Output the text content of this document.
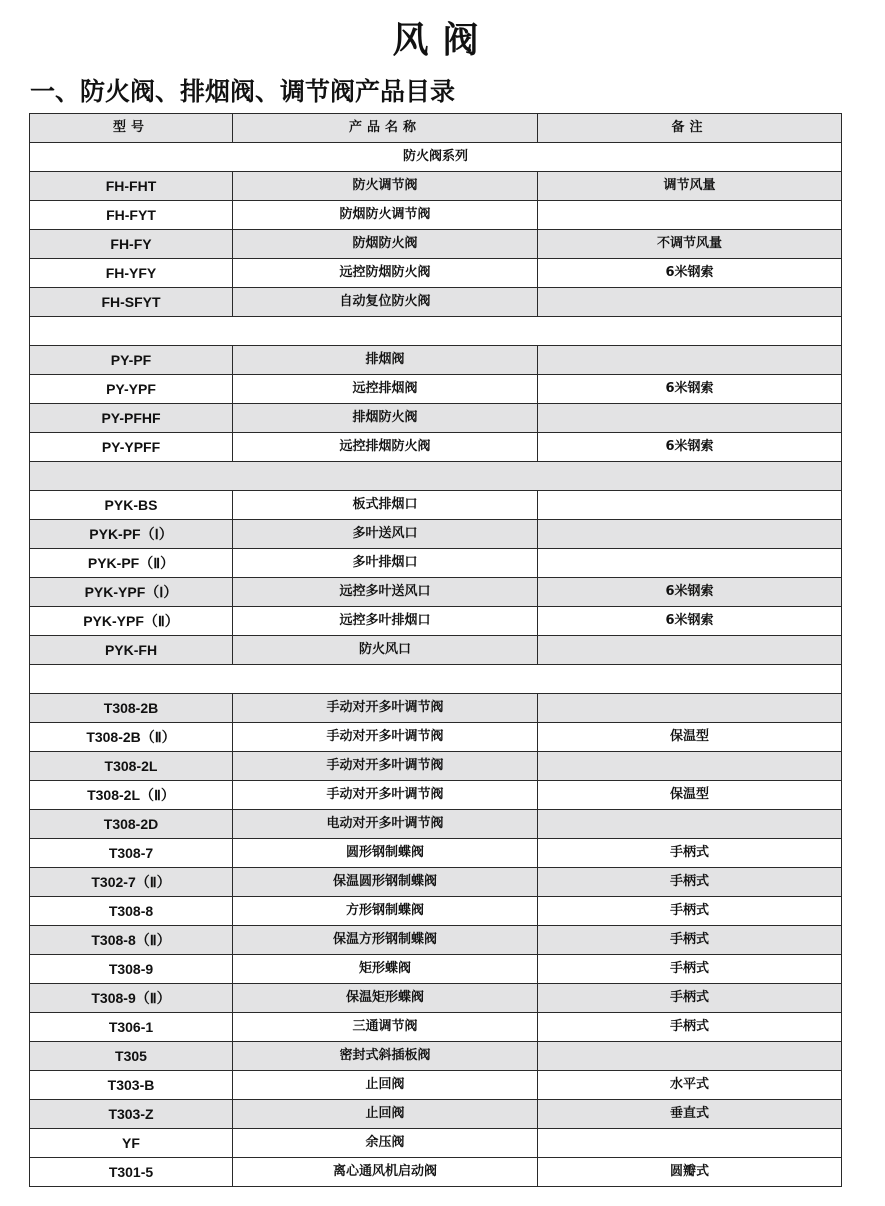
风阀
一、防火阀、排烟阀、调节阀产品目录
型号	产品名称	备注
防火阀系列		
FH-FHT	防火调节阀	调节风量
FH-FYT	防烟防火调节阀	
FH-FY	防烟防火阀	不调节风量
FH-YFY	远控防烟防火阀	6米钢索
FH-SFYT	自动复位防火阀	

PY-PF	排烟阀	
PY-YPF	远控排烟阀	6米钢索
PY-PFHF	排烟防火阀	
PY-YPFF	远控排烟防火阀	6米钢索

PYK-BS	板式排烟口	
PYK-PF（Ⅰ）	多叶送风口	
PYK-PF（Ⅱ）	多叶排烟口	
PYK-YPF（Ⅰ）	远控多叶送风口	6米钢索
PYK-YPF（Ⅱ）	远控多叶排烟口	6米钢索
PYK-FH	防火风口	

T308-2B	手动对开多叶调节阀	
T308-2B（Ⅱ）	手动对开多叶调节阀	保温型
T308-2L	手动对开多叶调节阀	
T308-2L（Ⅱ）	手动对开多叶调节阀	保温型
T308-2D	电动对开多叶调节阀	
T308-7	圆形钢制蝶阀	手柄式
T302-7（Ⅱ）	保温圆形钢制蝶阀	手柄式
T308-8	方形钢制蝶阀	手柄式
T308-8（Ⅱ）	保温方形钢制蝶阀	手柄式
T308-9	矩形蝶阀	手柄式
T308-9（Ⅱ）	保温矩形蝶阀	手柄式
T306-1	三通调节阀	手柄式
T305	密封式斜插板阀	
T303-B	止回阀	水平式
T303-Z	止回阀	垂直式
YF	余压阀	
T301-5	离心通风机启动阀	圆瓣式
